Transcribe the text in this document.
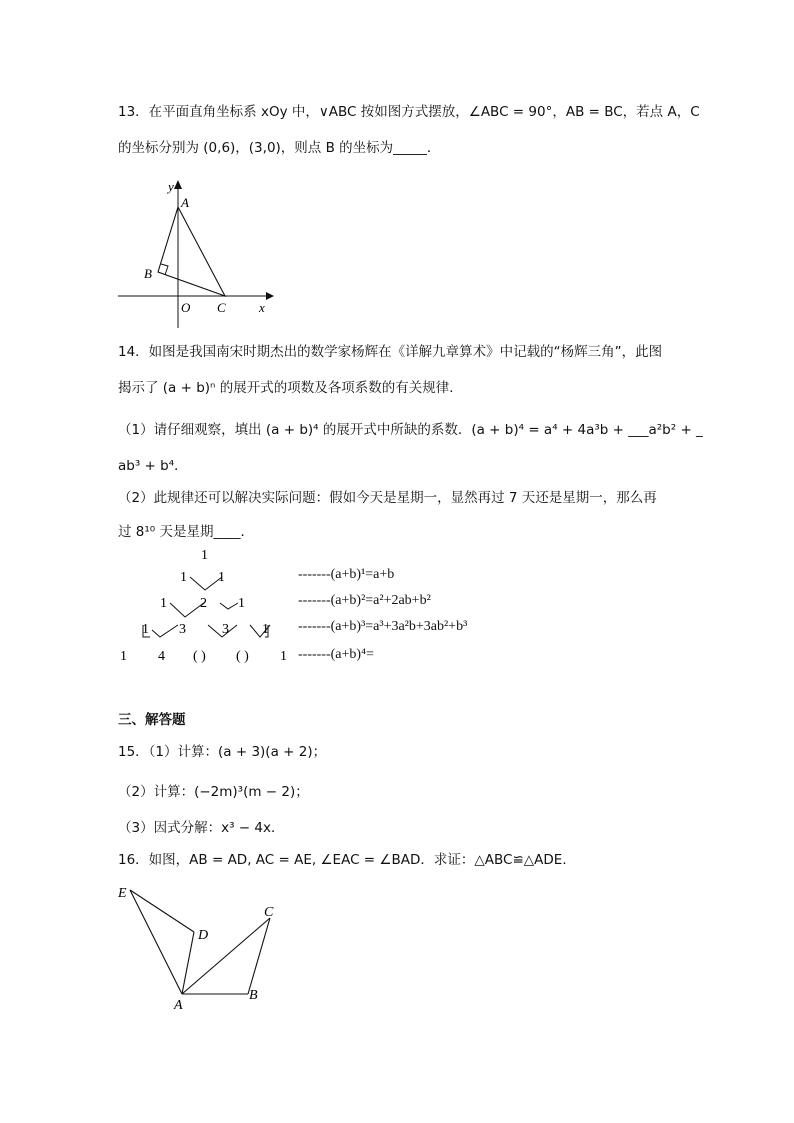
13．在平面直角坐标系 xOy 中，∨ABC 按如图方式摆放，∠ABC = 90°，AB = BC，若点 A，C
的坐标分别为 (0,6)，(3,0)，则点 B 的坐标为_____．
y
A
B
O C	x
14．如图是我国南宋时期杰出的数学家杨辉在《详解九章算术》中记载的“杨辉三角”，此图
揭示了 (a + b)ⁿ 的展开式的项数及各项系数的有关规律．
（1）请仔细观察，填出 (a + b)⁴ 的展开式中所缺的系数．(a + b)⁴ = a⁴ + 4a³b + ___a²b² + _
ab³ + b⁴．
（2）此规律还可以解决实际问题：假如今天是星期一，显然再过 7 天还是星期一，那么再
过 8¹⁰ 天是星期____．
1
1 1
1 2 1
1 3	3 1
1 4 ( ) ( ) 1
-------(a+b)¹=a+b
-------(a+b)²=a²+2ab+b²
-------(a+b)³=a³+3a²b+3ab²+b³
-------(a+b)⁴=
三、解答题
15．（1）计算：(a + 3)(a + 2)；
（2）计算：(−2m)³(m − 2)；
（3）因式分解：x³ − 4x．
16．如图，AB = AD, AC = AE, ∠EAC = ∠BAD．求证：△ABC≌△ADE．
E
D
C
A
B
